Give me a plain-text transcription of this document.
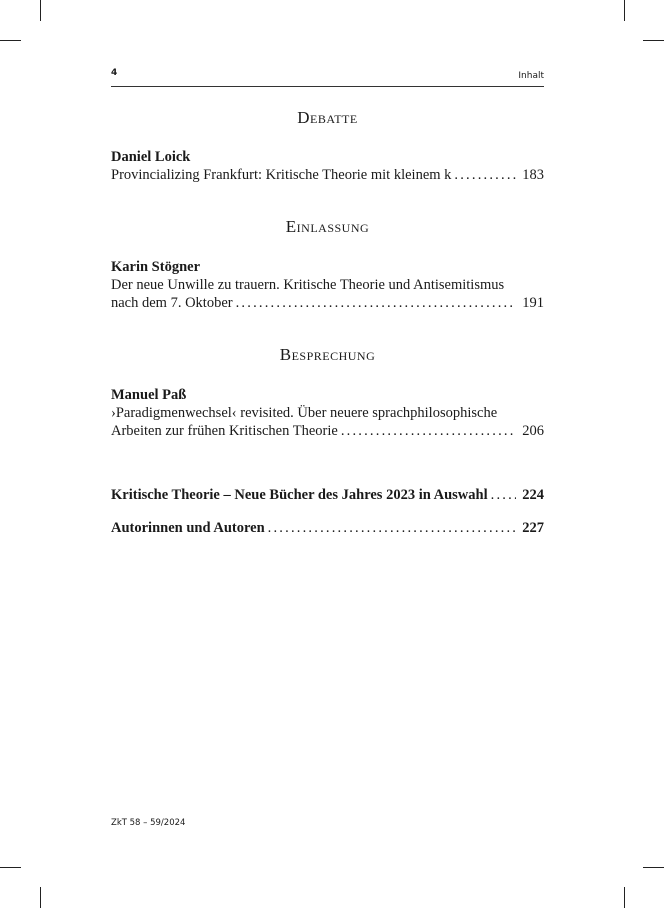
4	Inhalt
Debatte
Daniel Loick
Provincializing Frankfurt: Kritische Theorie mit kleinem k .....	183
Einlassung
Karin Stögner
Der neue Unwille zu trauern. Kritische Theorie und Antisemitismus
nach dem 7. Oktober .....	191
Besprechung
Manuel Paß
›Paradigmenwechsel‹ revisited. Über neuere sprachphilosophische
Arbeiten zur frühen Kritischen Theorie .....	206
Kritische Theorie – Neue Bücher des Jahres 2023 in Auswahl .....	224
Autorinnen und Autoren .....	227
ZkT 58 – 59/2024
